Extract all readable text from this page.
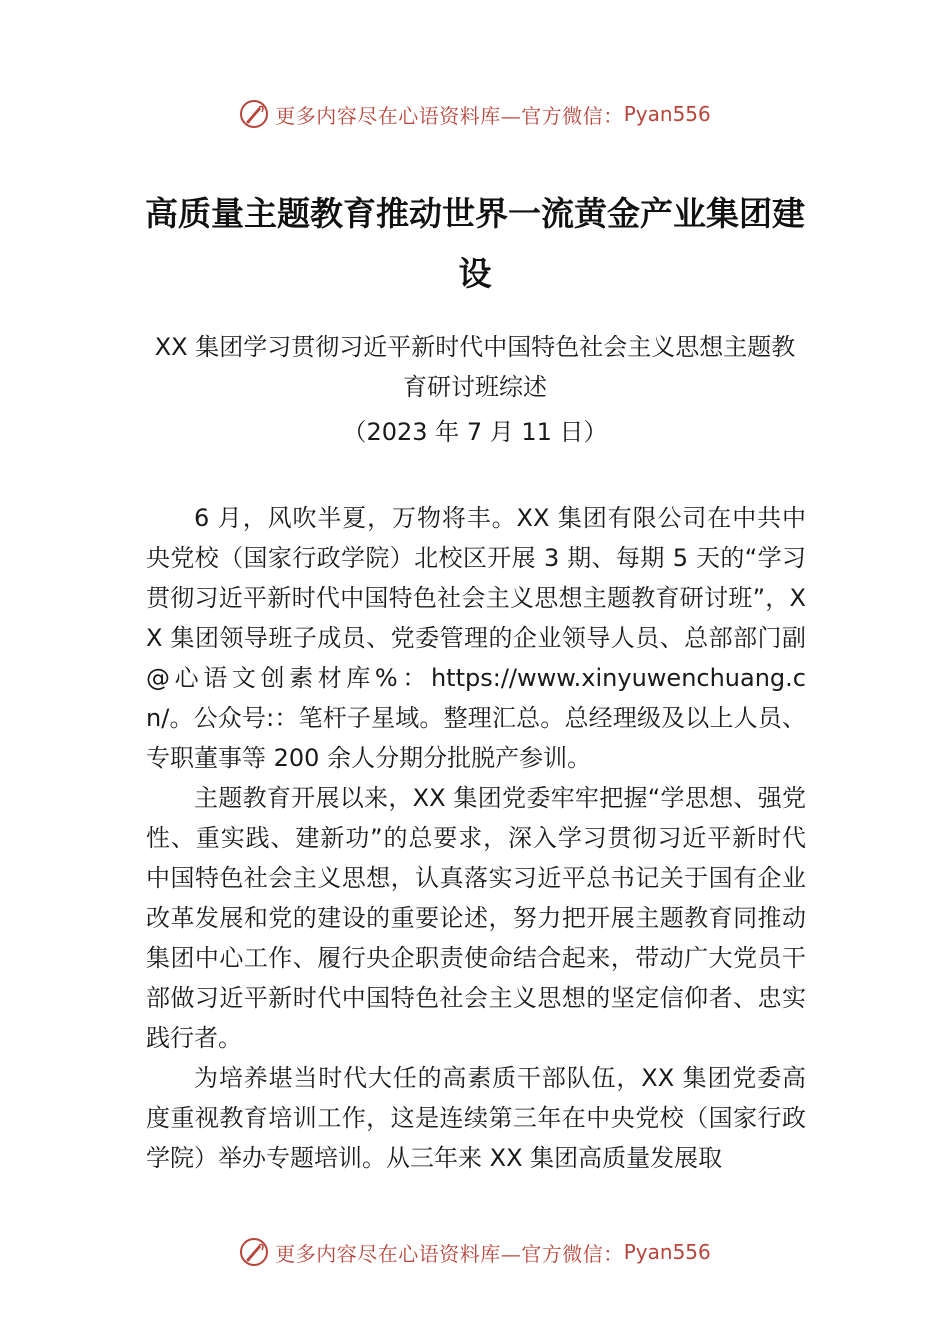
更多内容尽在心语资料库—官方微信： Pyan556
高质量主题教育推动世界一流黄金产业集团建设

XX 集团学习贯彻习近平新时代中国特色社会主义思想主题教育研讨班综述

（2023 年 7 月 11 日）

6 月，风吹半夏，万物将丰。XX 集团有限公司在中共中央党校（国家行政学院）北校区开展 3 期、每期 5 天的“学习贯彻习近平新时代中国特色社会主义思想主题教育研讨班”，XX 集团领导班子成员、党委管理的企业领导人员、总部部门副@心语文创素材库%：https://www.xinyuwenchuang.cn/。公众号:：笔杆子星域。整理汇总。总经理级及以上人员、专职董事等 200 余人分期分批脱产参训。

主题教育开展以来，XX 集团党委牢牢把握“学思想、强党性、重实践、建新功”的总要求，深入学习贯彻习近平新时代中国特色社会主义思想，认真落实习近平总书记关于国有企业改革发展和党的建设的重要论述，努力把开展主题教育同推动集团中心工作、履行央企职责使命结合起来，带动广大党员干部做习近平新时代中国特色社会主义思想的坚定信仰者、忠实践行者。

为培养堪当时代大任的高素质干部队伍，XX 集团党委高度重视教育培训工作，这是连续第三年在中央党校（国家行政学院）举办专题培训。从三年来 XX 集团高质量发展取

更多内容尽在心语资料库—官方微信： Pyan556
